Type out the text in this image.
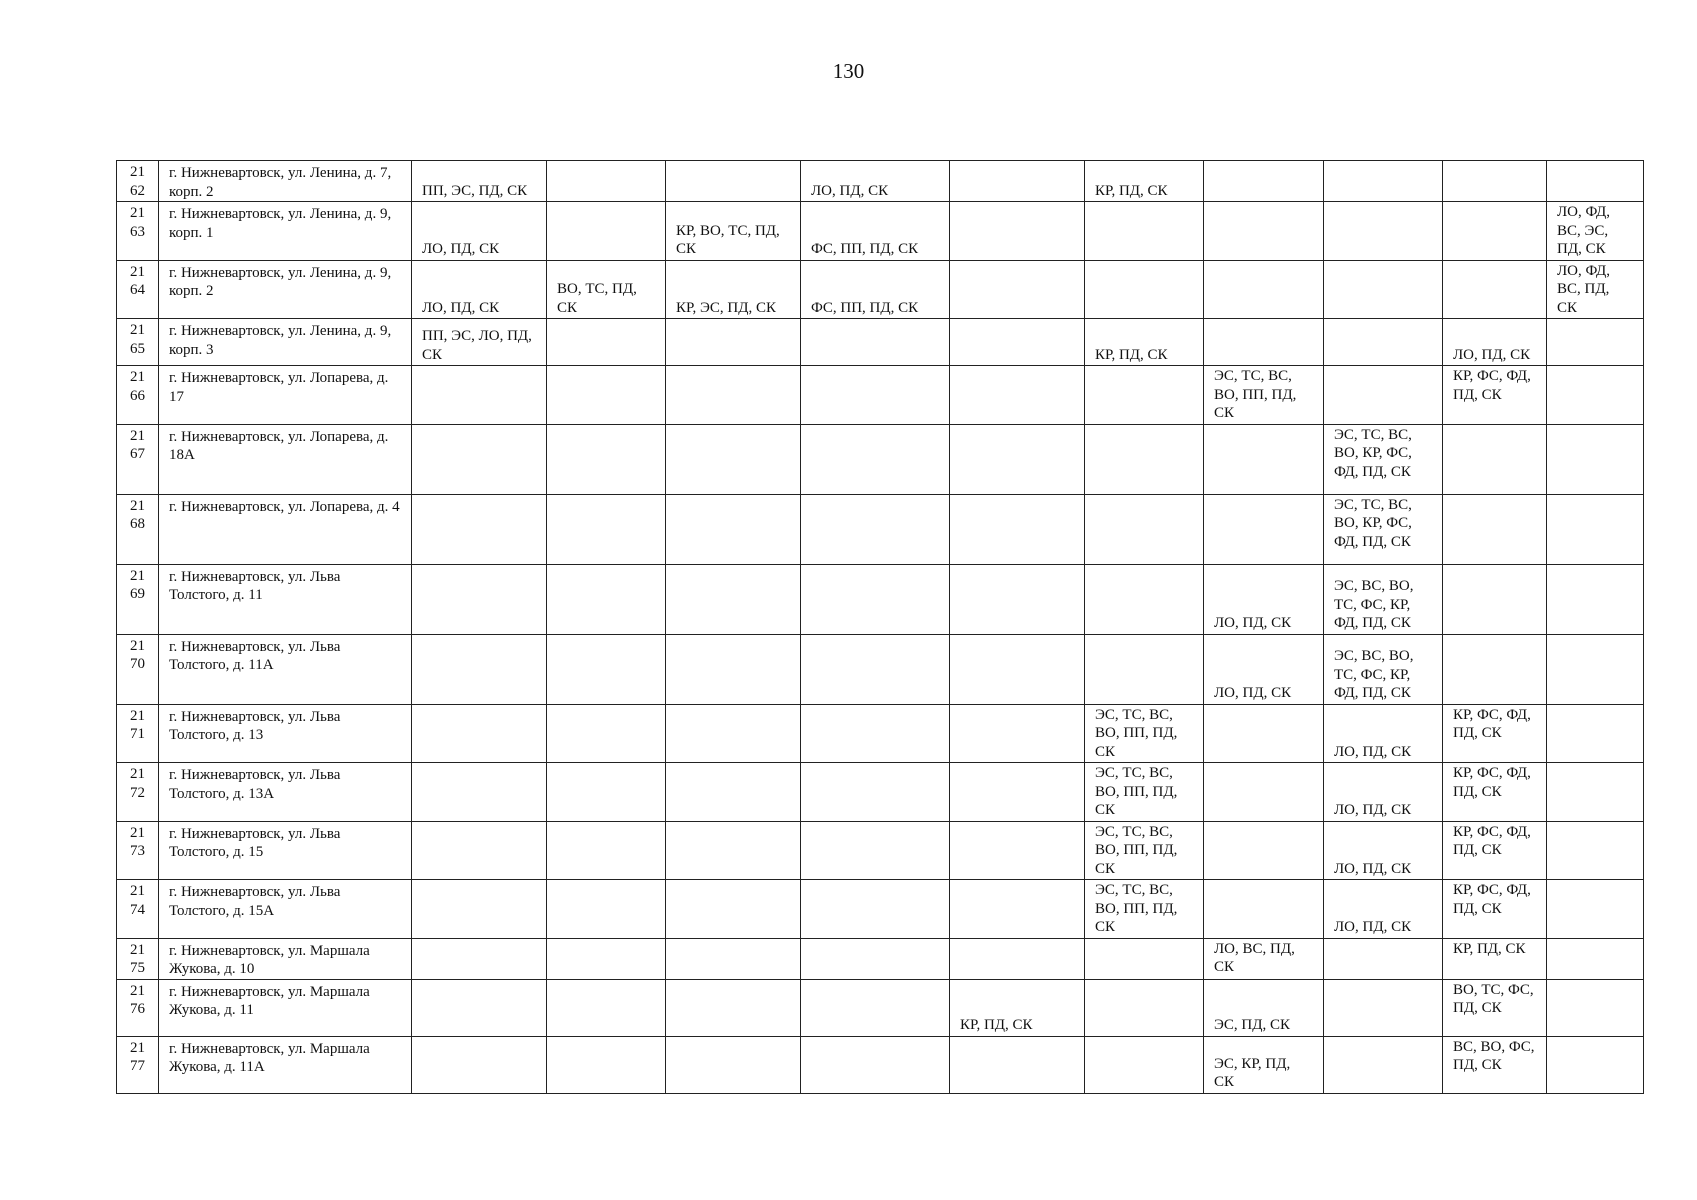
130
21
62	г. Нижневартовск, ул. Ленина, д. 7, корп. 2	ПП, ЭС, ПД, СК			ЛО, ПД, СК		КР, ПД, СК				

21
63	г. Нижневартовск, ул. Ленина, д. 9, корп. 1	ЛО, ПД, СК		КР, ВО, ТС, ПД, СК	ФС, ПП, ПД, СК						ЛО, ФД, ВС, ЭС, ПД, СК

21
64	г. Нижневартовск, ул. Ленина, д. 9, корп. 2	ЛО, ПД, СК	ВО, ТС, ПД, СК	КР, ЭС, ПД, СК	ФС, ПП, ПД, СК						ЛО, ФД, ВС, ПД, СК

21
65	г. Нижневартовск, ул. Ленина, д. 9, корп. 3	ПП, ЭС, ЛО, ПД, СК					КР, ПД, СК			ЛО, ПД, СК	

21
66	г. Нижневартовск, ул. Лопарева, д. 17							ЭС, ТС, ВС, ВО, ПП, ПД, СК		КР, ФС, ФД, ПД, СК	

21
67	г. Нижневартовск, ул. Лопарева, д. 18А								ЭС, ТС, ВС, ВО, КР, ФС, ФД, ПД, СК		

21
68	г. Нижневартовск, ул. Лопарева, д. 4								ЭС, ТС, ВС, ВО, КР, ФС, ФД, ПД, СК		

21
69	г. Нижневартовск, ул. Льва Толстого, д. 11							ЛО, ПД, СК	ЭС, ВС, ВО, ТС, ФС, КР, ФД, ПД, СК		

21
70	г. Нижневартовск, ул. Льва Толстого, д. 11А							ЛО, ПД, СК	ЭС, ВС, ВО, ТС, ФС, КР, ФД, ПД, СК		

21
71	г. Нижневартовск, ул. Льва Толстого, д. 13						ЭС, ТС, ВС, ВО, ПП, ПД, СК		ЛО, ПД, СК	КР, ФС, ФД, ПД, СК	

21
72	г. Нижневартовск, ул. Льва Толстого, д. 13А						ЭС, ТС, ВС, ВО, ПП, ПД, СК		ЛО, ПД, СК	КР, ФС, ФД, ПД, СК	

21
73	г. Нижневартовск, ул. Льва Толстого, д. 15						ЭС, ТС, ВС, ВО, ПП, ПД, СК		ЛО, ПД, СК	КР, ФС, ФД, ПД, СК	

21
74	г. Нижневартовск, ул. Льва Толстого, д. 15А						ЭС, ТС, ВС, ВО, ПП, ПД, СК		ЛО, ПД, СК	КР, ФС, ФД, ПД, СК	

21
75	г. Нижневартовск, ул. Маршала Жукова, д. 10							ЛО, ВС, ПД, СК		КР, ПД, СК	

21
76	г. Нижневартовск, ул. Маршала Жукова, д. 11					КР, ПД, СК		ЭС, ПД, СК		ВО, ТС, ФС, ПД, СК	

21
77	г. Нижневартовск, ул. Маршала Жукова, д. 11А							ЭС, КР, ПД, СК		ВС, ВО, ФС, ПД, СК	
